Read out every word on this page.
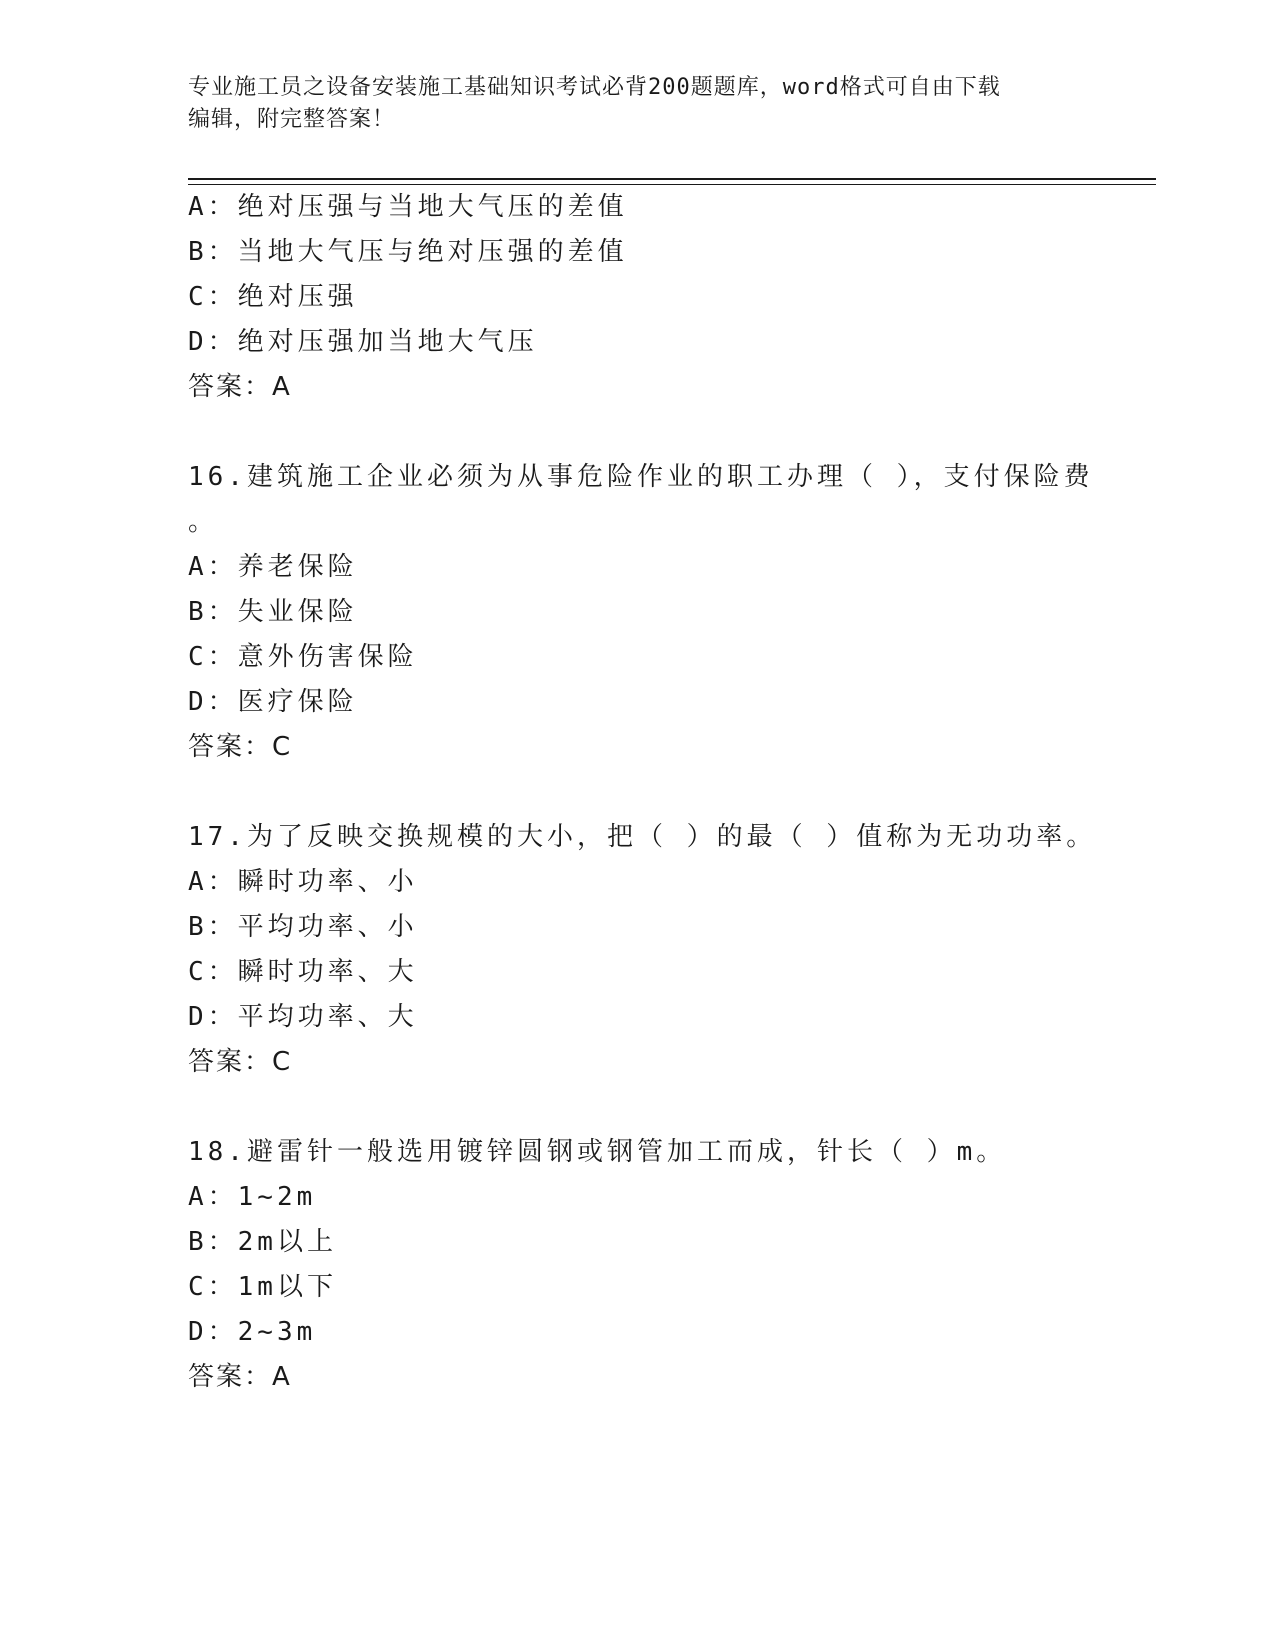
专业施工员之设备安装施工基础知识考试必背200题题库，word格式可自由下载
编辑，附完整答案！
A：绝对压强与当地大气压的差值
B：当地大气压与绝对压强的差值
C：绝对压强
D：绝对压强加当地大气压
答案：A
16.建筑施工企业必须为从事危险作业的职工办理（ ），支付保险费
。
A：养老保险
B：失业保险
C：意外伤害保险
D：医疗保险
答案：C
17.为了反映交换规模的大小，把（ ）的最（ ）值称为无功功率。
A：瞬时功率、小
B：平均功率、小
C：瞬时功率、大
D：平均功率、大
答案：C
18.避雷针一般选用镀锌圆钢或钢管加工而成，针长（ ）m。
A：1~2m
B：2m以上
C：1m以下
D：2~3m
答案：A
